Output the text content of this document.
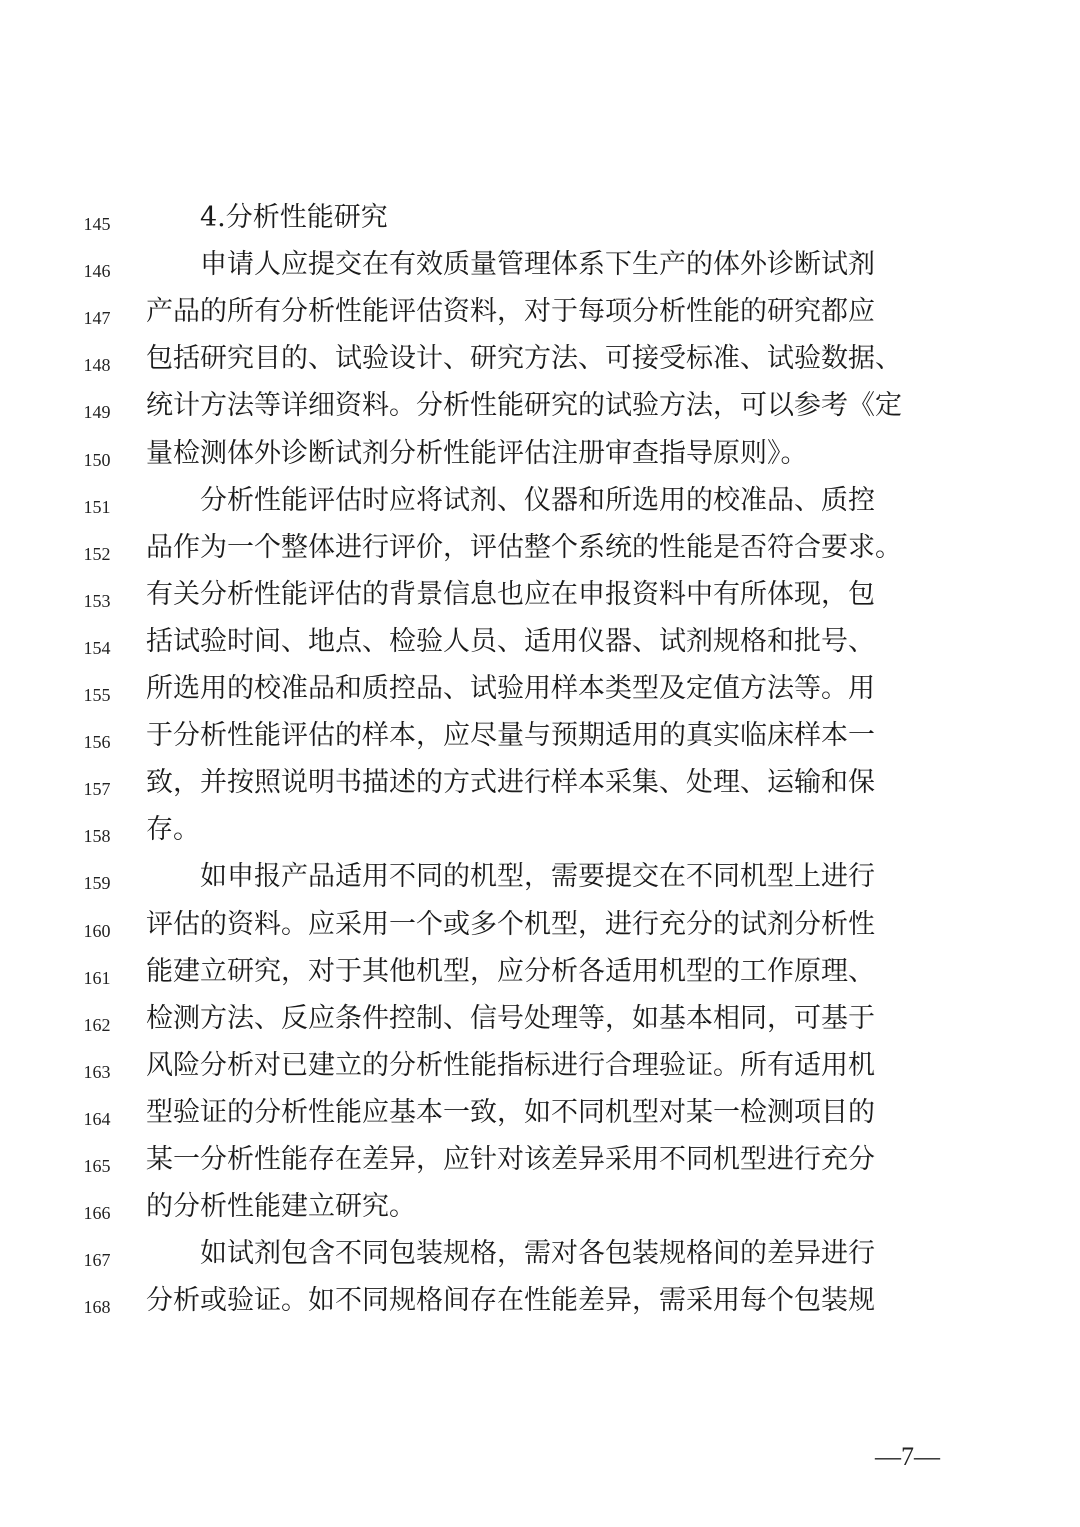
145	4.分析性能研究
146	申请人应提交在有效质量管理体系下生产的体外诊断试剂
147	产品的所有分析性能评估资料，对于每项分析性能的研究都应
148	包括研究目的、试验设计、研究方法、可接受标准、试验数据、
149	统计方法等详细资料。分析性能研究的试验方法，可以参考《定
150	量检测体外诊断试剂分析性能评估注册审查指导原则》。
151	分析性能评估时应将试剂、仪器和所选用的校准品、质控
152	品作为一个整体进行评价，评估整个系统的性能是否符合要求。
153	有关分析性能评估的背景信息也应在申报资料中有所体现，包
154	括试验时间、地点、检验人员、适用仪器、试剂规格和批号、
155	所选用的校准品和质控品、试验用样本类型及定值方法等。用
156	于分析性能评估的样本，应尽量与预期适用的真实临床样本一
157	致，并按照说明书描述的方式进行样本采集、处理、运输和保
158	存。
159	如申报产品适用不同的机型，需要提交在不同机型上进行
160	评估的资料。应采用一个或多个机型，进行充分的试剂分析性
161	能建立研究，对于其他机型，应分析各适用机型的工作原理、
162	检测方法、反应条件控制、信号处理等，如基本相同，可基于
163	风险分析对已建立的分析性能指标进行合理验证。所有适用机
164	型验证的分析性能应基本一致，如不同机型对某一检测项目的
165	某一分析性能存在差异，应针对该差异采用不同机型进行充分
166	的分析性能建立研究。
167	如试剂包含不同包装规格，需对各包装规格间的差异进行
168	分析或验证。如不同规格间存在性能差异，需采用每个包装规
—7—
